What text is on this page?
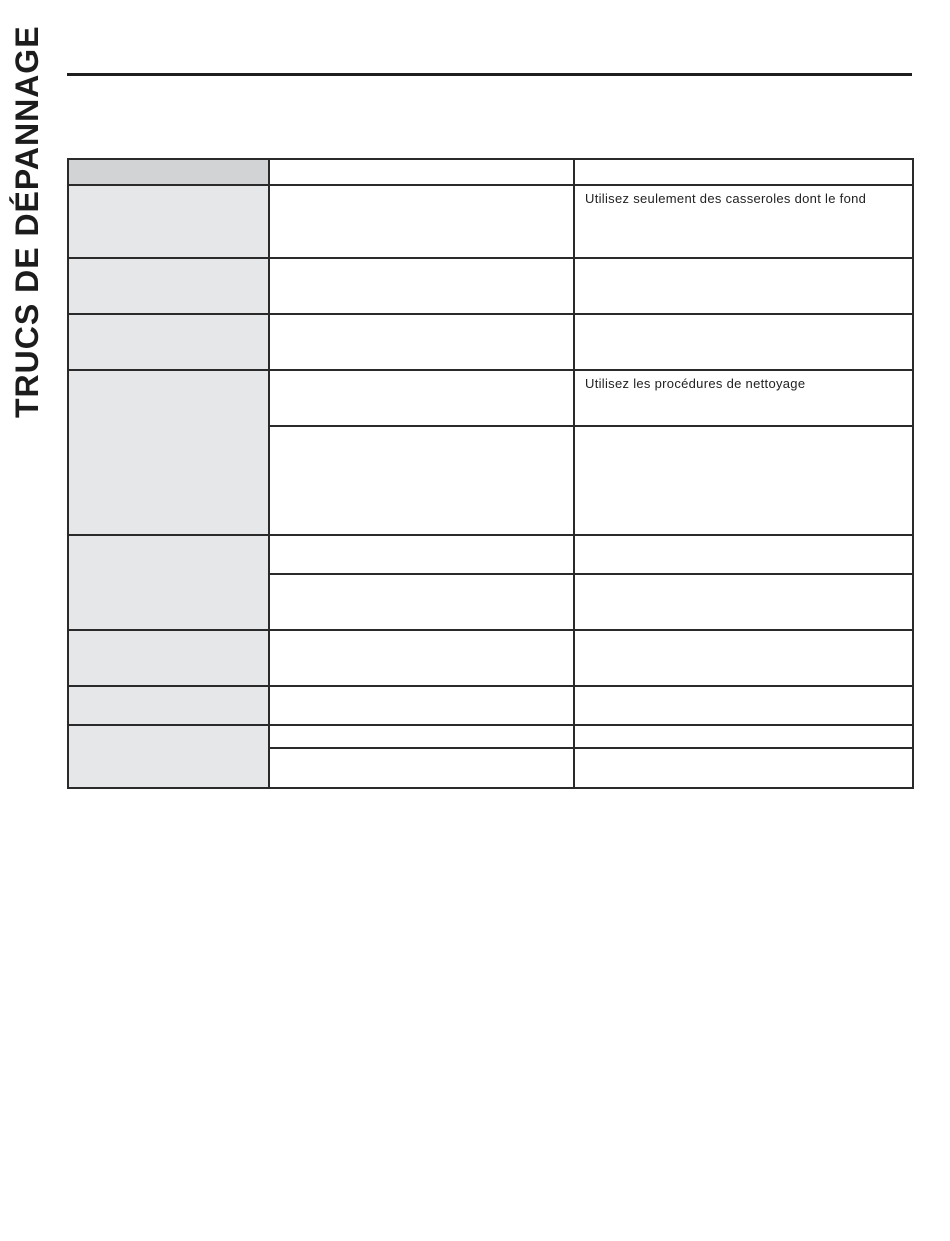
TRUCS DE DÉPANNAGE

		Utilisez seulement des casseroles dont le fond

		Utilisez les procédures de nettoyage
